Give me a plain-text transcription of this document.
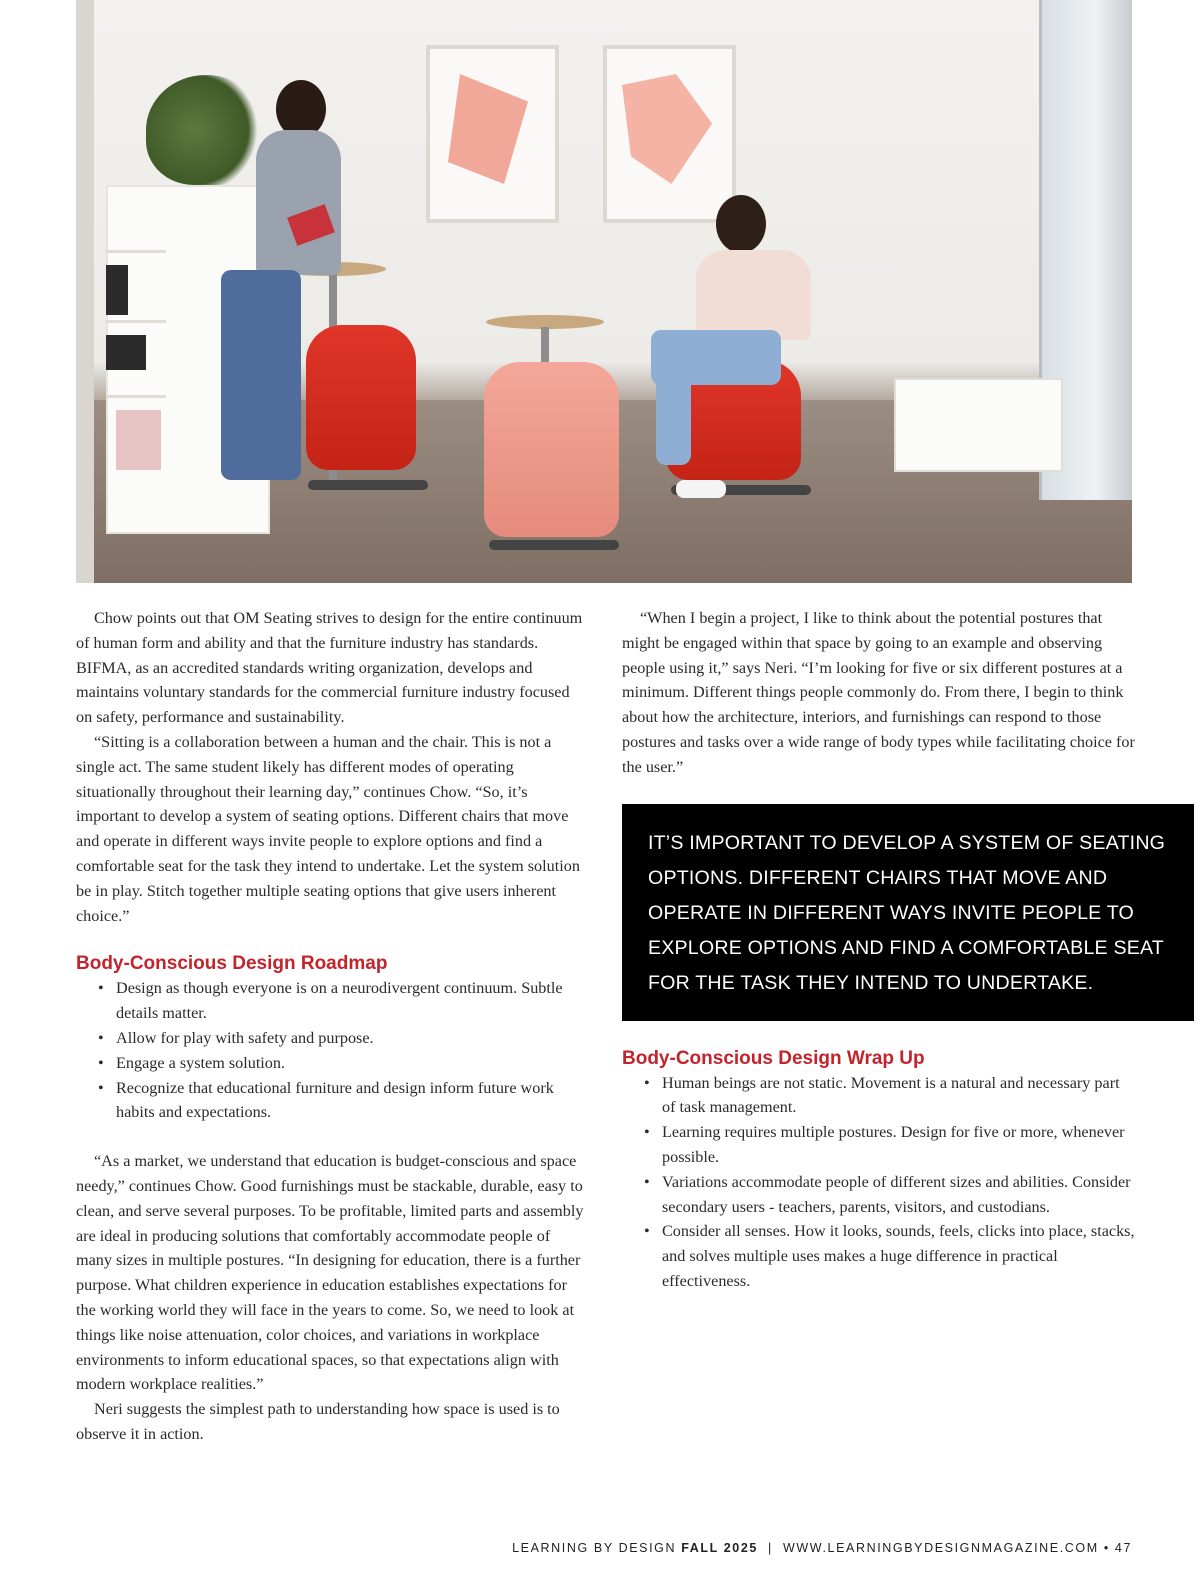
Chow points out that OM Seating strives to design for the entire continuum of human form and ability and that the furniture industry has standards. BIFMA, as an accredited standards writing organization, develops and maintains voluntary standards for the commercial furniture industry focused on safety, performance and sustainability.

“Sitting is a collaboration between a human and the chair. This is not a single act. The same student likely has different modes of operating situationally throughout their learning day,” continues Chow. “So, it’s important to develop a system of seating options. Different chairs that move and operate in different ways invite people to explore options and find a comfortable seat for the task they intend to undertake. Let the system solution be in play. Stitch together multiple seating options that give users inherent choice.”

Body-Conscious Design Roadmap
• Design as though everyone is on a neurodivergent continuum. Subtle details matter.
• Allow for play with safety and purpose.
• Engage a system solution.
• Recognize that educational furniture and design inform future work habits and expectations.

“As a market, we understand that education is budget-conscious and space needy,” continues Chow. Good furnishings must be stackable, durable, easy to clean, and serve several purposes. To be profitable, limited parts and assembly are ideal in producing solutions that comfortably accommodate people of many sizes in multiple postures. “In designing for education, there is a further purpose. What children experience in education establishes expectations for the working world they will face in the years to come. So, we need to look at things like noise attenuation, color choices, and variations in workplace environments to inform educational spaces, so that expectations align with modern workplace realities.”

Neri suggests the simplest path to understanding how space is used is to observe it in action.

“When I begin a project, I like to think about the potential postures that might be engaged within that space by going to an example and observing people using it,” says Neri. “I’m looking for five or six different postures at a minimum. Different things people commonly do. From there, I begin to think about how the architecture, interiors, and furnishings can respond to those postures and tasks over a wide range of body types while facilitating choice for the user.”

IT’S IMPORTANT TO DEVELOP A SYSTEM OF SEATING OPTIONS. DIFFERENT CHAIRS THAT MOVE AND OPERATE IN DIFFERENT WAYS INVITE PEOPLE TO EXPLORE OPTIONS AND FIND A COMFORTABLE SEAT FOR THE TASK THEY INTEND TO UNDERTAKE.
Body-Conscious Design Wrap Up
• Human beings are not static. Movement is a natural and necessary part of task management.
• Learning requires multiple postures. Design for five or more, whenever possible.
• Variations accommodate people of different sizes and abilities. Consider secondary users - teachers, parents, visitors, and custodians.
• Consider all senses. How it looks, sounds, feels, clicks into place, stacks, and solves multiple uses makes a huge difference in practical effectiveness.
LEARNING BY DESIGN FALL 2025 | WWW.LEARNINGBYDESIGNMAGAZINE.COM • 47
